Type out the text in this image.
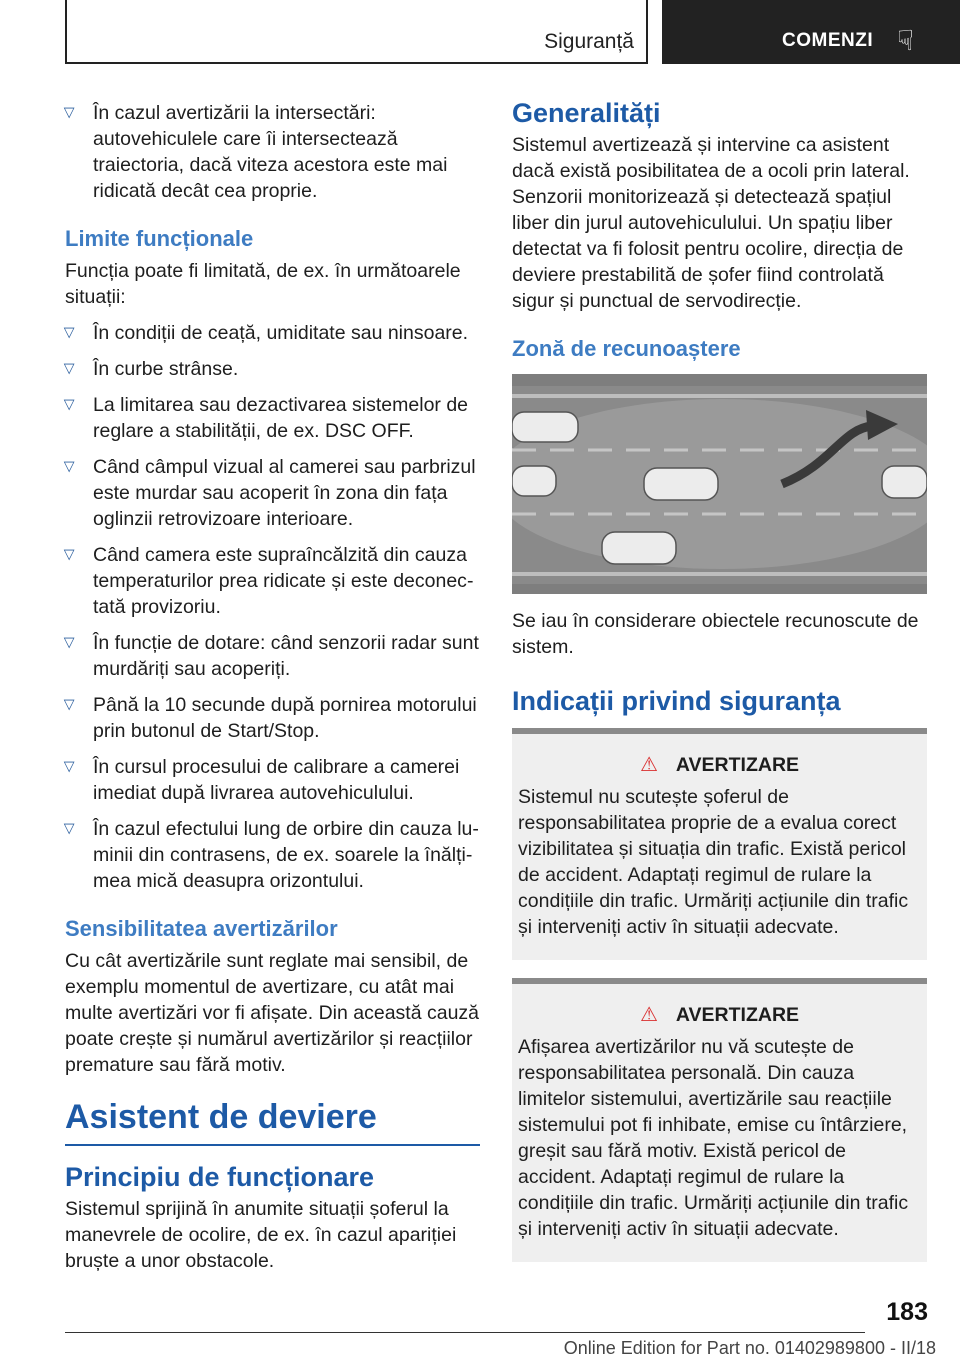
Siguranță	COMENZI ☟
▷ În cazul avertizării la intersectări: autovehiculele care îi intersectează traiectoria, dacă viteza acestora este mai ridicată decât cea proprie.
Limite funcționale

Funcția poate fi limitată, de ex. în următoarele situații:

▷ În condiții de ceață, umiditate sau ninsoare.
▷ În curbe strânse.
▷ La limitarea sau dezactivarea sistemelor de reglare a stabilității, de ex. DSC OFF.
▷ Când câmpul vizual al camerei sau parbrizul este murdar sau acoperit în zona din fața oglinzii retrovizoare interioare.
▷ Când camera este supraîncălzită din cauza temperaturilor prea ridicate și este deconectată provizoriu.
▷ În funcție de dotare: când senzorii radar sunt murdăriți sau acoperiți.
▷ Până la 10 secunde după pornirea motorului prin butonul de Start/Stop.
▷ În cursul procesului de calibrare a camerei imediat după livrarea autovehiculului.
▷ În cazul efectului lung de orbire din cauza luminii din contrasens, de ex. soarele la înălțimea mică deasupra orizontului.
Sensibilitatea avertizărilor

Cu cât avertizările sunt reglate mai sensibil, de exemplu momentul de avertizare, cu atât mai multe avertizări vor fi afișate. Din această cauză poate crește și numărul avertizărilor și reacțiilor premature sau fără motiv.

Asistent de deviere
Principiu de funcționare

Sistemul sprijină în anumite situații șoferul la manevrele de ocolire, de ex. în cazul apariției bruște a unor obstacole.

Generalități

Sistemul avertizează și intervine ca asistent dacă există posibilitatea de a ocoli prin lateral. Senzorii monitorizează și detectează spațiul liber din jurul autovehiculului. Un spațiu liber detectat va fi folosit pentru ocolire, direcția de deviere prestabilită de șofer fiind controlată sigur și punctual de servodirecție.

Zonă de recunoaștere

Se iau în considerare obiectele recunoscute de sistem.

Indicații privind siguranța
⚠ AVERTIZARE

Sistemul nu scutește șoferul de responsabilitatea proprie de a evalua corect vizibilitatea și situația din trafic. Există pericol de accident. Adaptați regimul de rulare la condițiile din trafic. Urmăriți acțiunile din trafic și interveniți activ în situații adecvate.

⚠ AVERTIZARE

Afișarea avertizărilor nu vă scutește de responsabilitatea personală. Din cauza limitelor sistemului, avertizările sau reacțiile sistemului pot fi inhibate, emise cu întârziere, greșit sau fără motiv. Există pericol de accident. Adaptați regimul de rulare la condițiile din trafic. Urmăriți acțiunile din trafic și interveniți activ în situații adecvate.

183
Online Edition for Part no. 01402989800 - II/18
